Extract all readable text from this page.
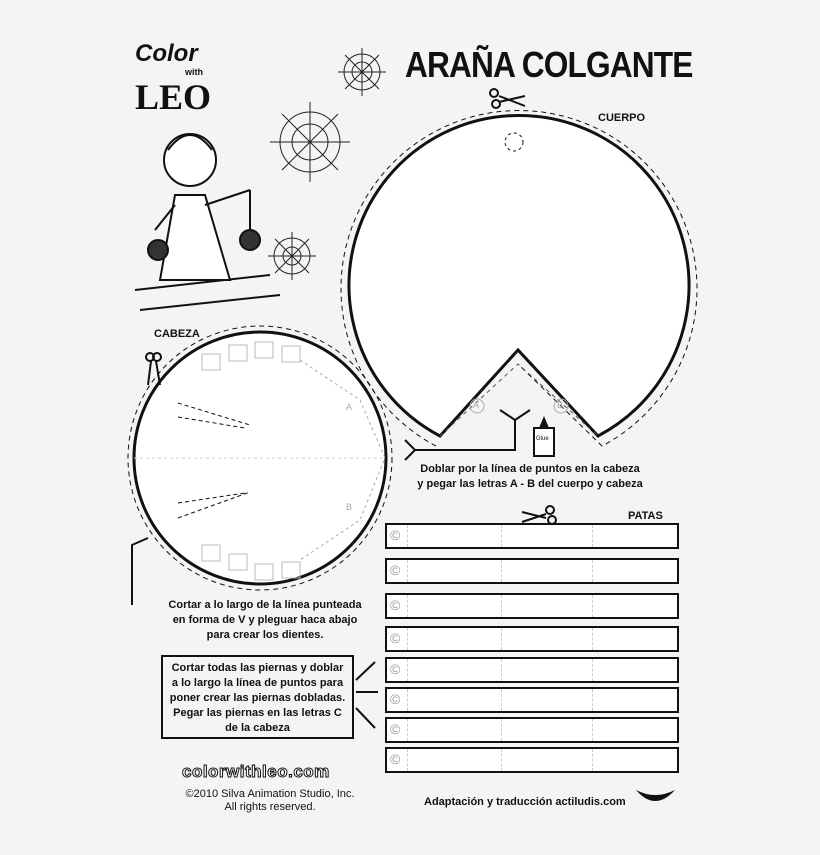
Color
with
LEO
ARAÑA COLGANTE
CUERPO
CABEZA
PATAS
A	B
A
B
Glue
Doblar por la línea de puntos en la cabeza
y pegar las letras A - B del cuerpo y cabeza
Cortar a lo largo de la línea punteada
en forma de V y pleguar haca abajo
para crear los dientes.
Cortar todas las piernas y doblar
a lo largo la línea de puntos para
poner crear las piernas dobladas.
Pegar las piernas en las letras C
de la cabeza
©
©
©
©
©
©
©
©
colorwithleo.com
©2010 Silva Animation Studio, Inc.
All rights reserved.	Adaptación y traducción actiludis.com
